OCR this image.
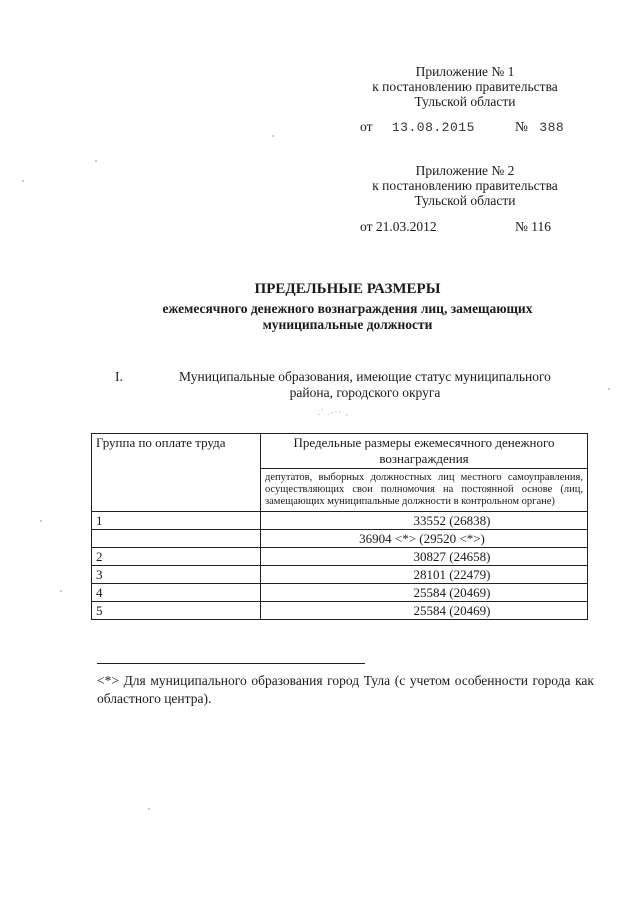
Приложение № 1
к постановлению правительства
Тульской области
от 13.08.2015	№ 388
Приложение № 2
к постановлению правительства
Тульской области
от 21.03.2012	№ 116
ПРЕДЕЛЬНЫЕ РАЗМЕРЫ
ежемесячного денежного вознаграждения лиц, замещающих
муниципальные должности
I.	Муниципальные образования, имеющие статус муниципального
района, городского округа
.' .-·· ,
Группа по оплате труда	Предельные размеры ежемесячного денежного вознаграждения
	депутатов, выборных должностных лиц местного самоуправления, осуществляющих свои полномочия на постоянной основе (лиц, замещающих муниципальные должности в контрольном органе)
1	33552 (26838)
	36904 <*> (29520 <*>)
2	30827 (24658)
3	28101 (22479)
4	25584 (20469)
5	25584 (20469)
<*> Для муниципального образования город Тула (с учетом особенности города как областного центра).
